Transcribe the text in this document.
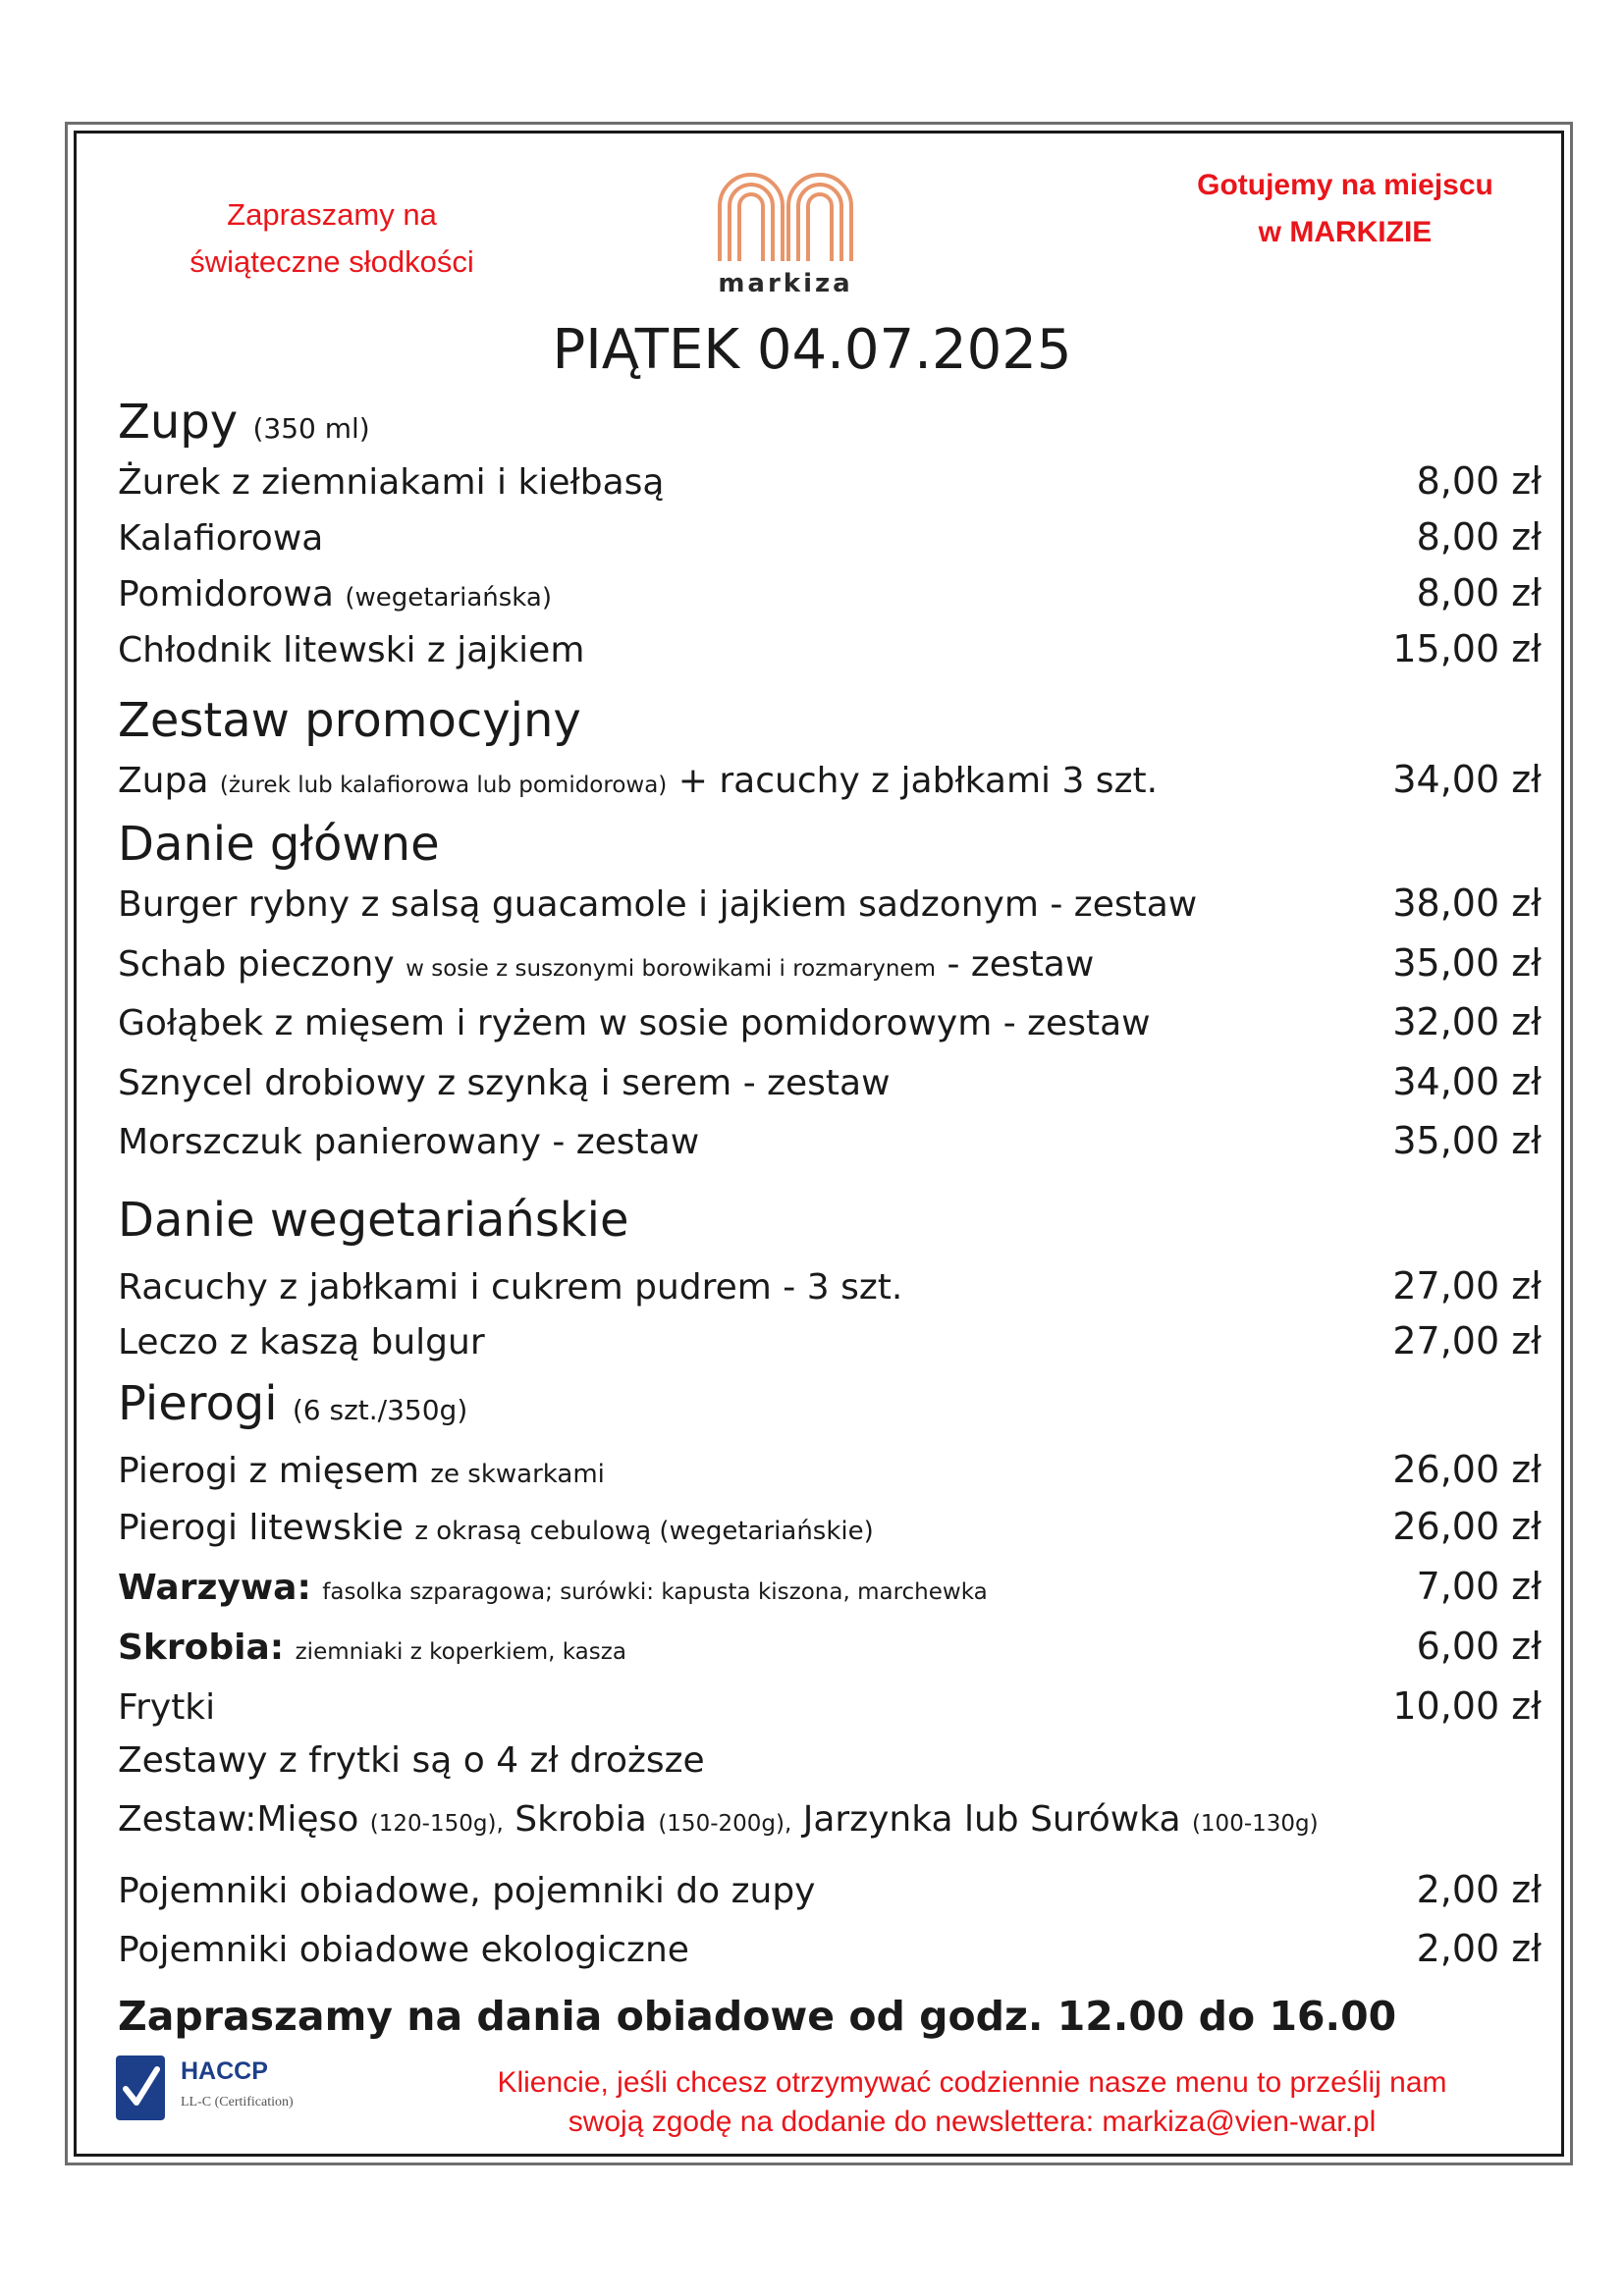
Zapraszamy na
świąteczne słodkości
markiza
Gotujemy na miejscu
w MARKIZIE
PIĄTEK 04.07.2025
Zupy (350 ml)
Żurek z ziemniakami i kiełbasą	8,00 zł
Kalafiorowa	8,00 zł
Pomidorowa (wegetariańska)	8,00 zł
Chłodnik litewski z jajkiem	15,00 zł
Zestaw promocyjny
Zupa (żurek lub kalafiorowa lub pomidorowa) + racuchy z jabłkami 3 szt.	34,00 zł
Danie główne
Burger rybny z salsą guacamole i jajkiem sadzonym - zestaw	38,00 zł
Schab pieczony w sosie z suszonymi borowikami i rozmarynem - zestaw	35,00 zł
Gołąbek z mięsem i ryżem w sosie pomidorowym - zestaw	32,00 zł
Sznycel drobiowy z szynką i serem - zestaw	34,00 zł
Morszczuk panierowany - zestaw	35,00 zł
Danie wegetariańskie
Racuchy z jabłkami i cukrem pudrem - 3 szt.	27,00 zł
Leczo z kaszą bulgur	27,00 zł
Pierogi (6 szt./350g)
Pierogi z mięsem ze skwarkami	26,00 zł
Pierogi litewskie z okrasą cebulową (wegetariańskie)	26,00 zł
Warzywa: fasolka szparagowa; surówki: kapusta kiszona, marchewka	7,00 zł
Skrobia: ziemniaki z koperkiem, kasza	6,00 zł
Frytki	10,00 zł
Zestawy z frytki są o 4 zł droższe
Zestaw:Mięso (120-150g), Skrobia (150-200g), Jarzynka lub Surówka (100-130g)
Pojemniki obiadowe, pojemniki do zupy	2,00 zł
Pojemniki obiadowe ekologiczne	2,00 zł
Zapraszamy na dania obiadowe od godz. 12.00 do 16.00
HACCP
LL-C (Certification)
Kliencie, jeśli chcesz otrzymywać codziennie nasze menu to prześlij nam
swoją zgodę na dodanie do newslettera: markiza@vien-war.pl
